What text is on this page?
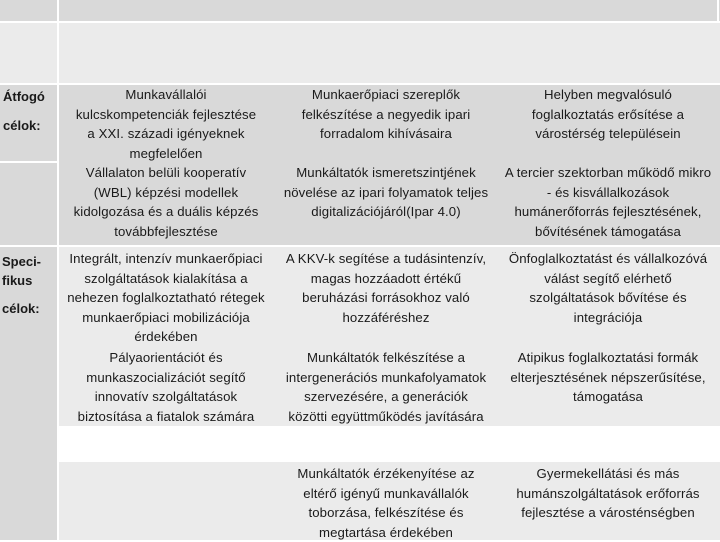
Átfogó
célok:
Speci-
fikus
célok:
Munkavállalói
kulcskompetenciák fejlesztése
a XXI. századi igényeknek
megfelelően
Vállalaton belüli kooperatív
(WBL) képzési modellek
kidolgozása és a duális képzés
továbbfejlesztése
Integrált, intenzív munkaerőpiaci
szolgáltatások kialakítása a
nehezen foglalkoztatható rétegek
munkaerőpiaci mobilizációja
érdekében
Pályaorientációt és
munkaszocializációt segítő
innovatív szolgáltatások
biztosítása a fiatalok számára
Munkaerőpiaci szereplők
felkészítése a negyedik ipari
forradalom kihívásaira
Munkáltatók ismeretszintjének
növelése az ipari folyamatok teljes
digitalizációjáról(Ipar 4.0)
A KKV-k segítése a tudásintenzív,
magas hozzáadott értékű
beruházási forrásokhoz való
hozzáféréshez
Munkáltatók felkészítése a
intergenerációs munkafolyamatok
szervezésére, a generációk
közötti együttműködés javítására
Munkáltatók érzékenyítése az
eltérő igényű munkavállalók
toborzása, felkészítése és
megtartása érdekében
Helyben megvalósuló
foglalkoztatás erősítése a
várostérség településein
A tercier szektorban működő mikro
- és kisvállalkozások
humánerőforrás fejlesztésének,
bővítésének támogatása
Önfoglalkoztatást és vállalkozóvá
válást segítő elérhető
szolgáltatások bővítése és
integrációja
Atipikus foglalkoztatási formák
elterjesztésének népszerűsítése,
támogatása
Gyermekellátási és más
humánszolgáltatások erőforrás
fejlesztése a városténségben
